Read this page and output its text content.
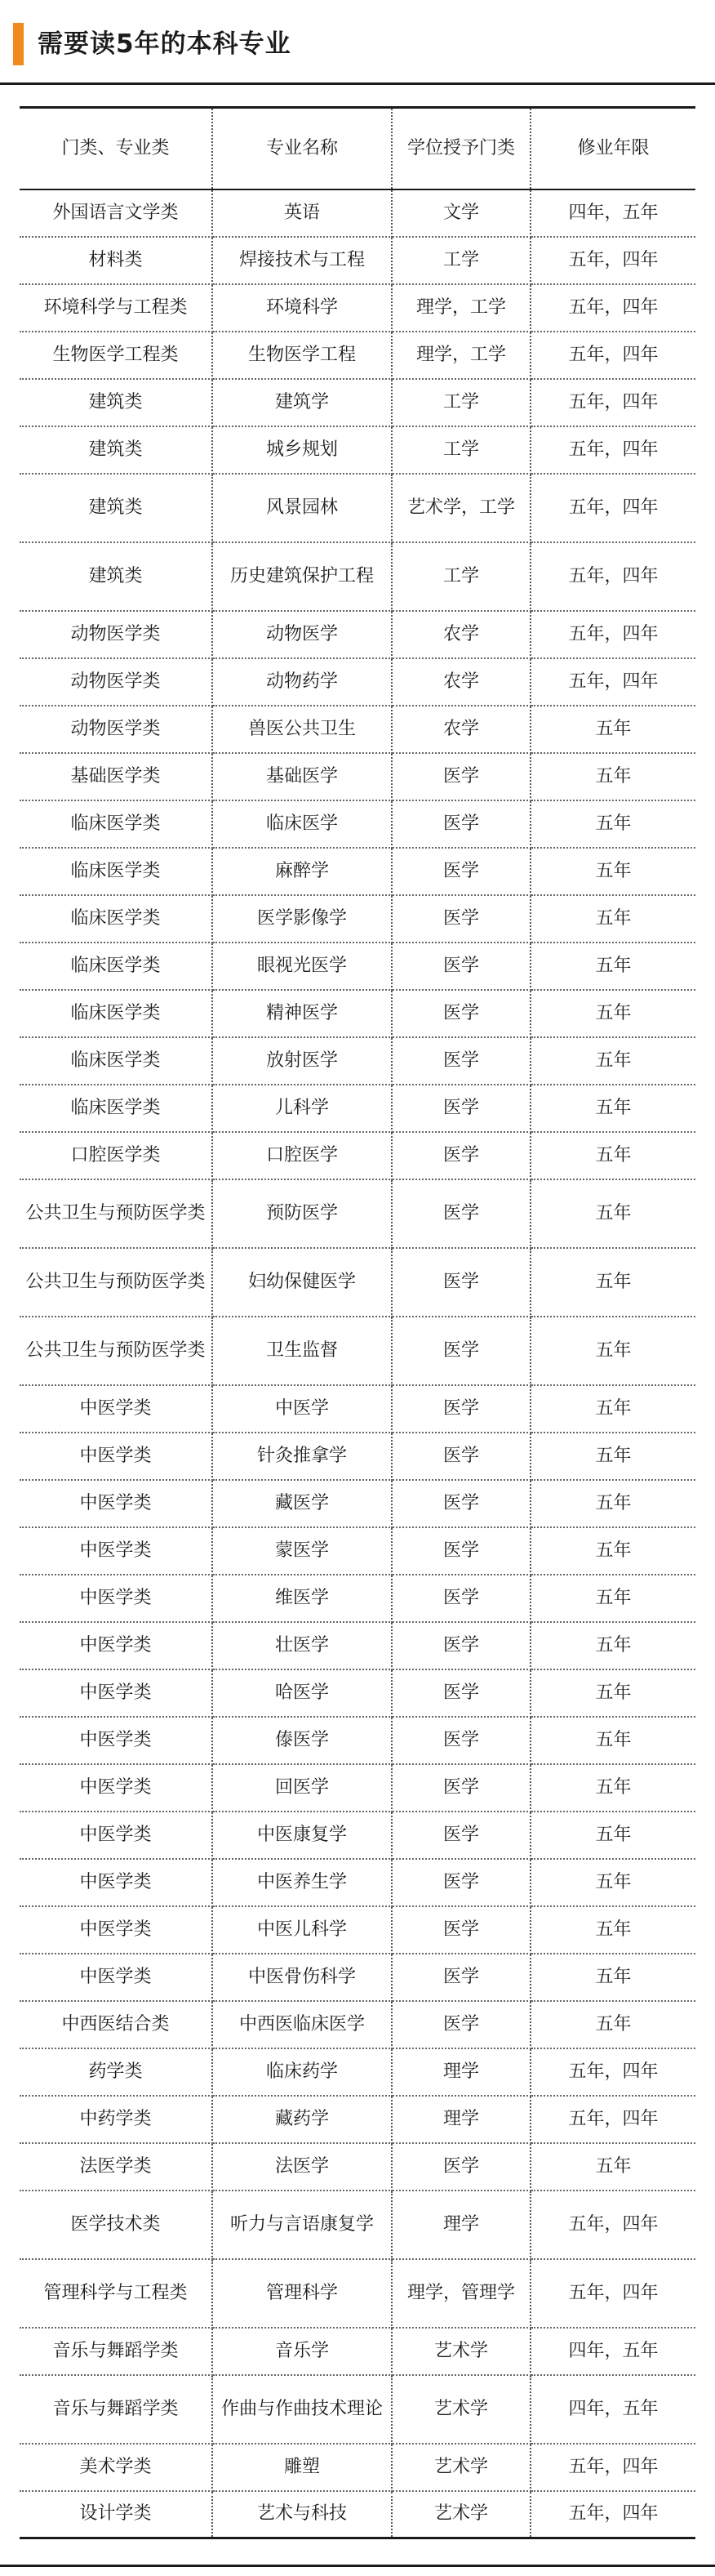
需要读5年的本科专业
门类、专业类	专业名称	学位授予门类	修业年限
外国语言文学类	英语	文学	四年，五年
材料类	焊接技术与工程	工学	五年，四年
环境科学与工程类	环境科学	理学，工学	五年，四年
生物医学工程类	生物医学工程	理学，工学	五年，四年
建筑类	建筑学	工学	五年，四年
建筑类	城乡规划	工学	五年，四年
建筑类	风景园林	艺术学，工学	五年，四年
建筑类	历史建筑保护工程	工学	五年，四年
动物医学类	动物医学	农学	五年，四年
动物医学类	动物药学	农学	五年，四年
动物医学类	兽医公共卫生	农学	五年
基础医学类	基础医学	医学	五年
临床医学类	临床医学	医学	五年
临床医学类	麻醉学	医学	五年
临床医学类	医学影像学	医学	五年
临床医学类	眼视光医学	医学	五年
临床医学类	精神医学	医学	五年
临床医学类	放射医学	医学	五年
临床医学类	儿科学	医学	五年
口腔医学类	口腔医学	医学	五年
公共卫生与预防医学类	预防医学	医学	五年
公共卫生与预防医学类	妇幼保健医学	医学	五年
公共卫生与预防医学类	卫生监督	医学	五年
中医学类	中医学	医学	五年
中医学类	针灸推拿学	医学	五年
中医学类	藏医学	医学	五年
中医学类	蒙医学	医学	五年
中医学类	维医学	医学	五年
中医学类	壮医学	医学	五年
中医学类	哈医学	医学	五年
中医学类	傣医学	医学	五年
中医学类	回医学	医学	五年
中医学类	中医康复学	医学	五年
中医学类	中医养生学	医学	五年
中医学类	中医儿科学	医学	五年
中医学类	中医骨伤科学	医学	五年
中西医结合类	中西医临床医学	医学	五年
药学类	临床药学	理学	五年，四年
中药学类	藏药学	理学	五年，四年
法医学类	法医学	医学	五年
医学技术类	听力与言语康复学	理学	五年，四年
管理科学与工程类	管理科学	理学，管理学	五年，四年
音乐与舞蹈学类	音乐学	艺术学	四年，五年
音乐与舞蹈学类	作曲与作曲技术理论	艺术学	四年，五年
美术学类	雕塑	艺术学	五年，四年
设计学类	艺术与科技	艺术学	五年，四年
